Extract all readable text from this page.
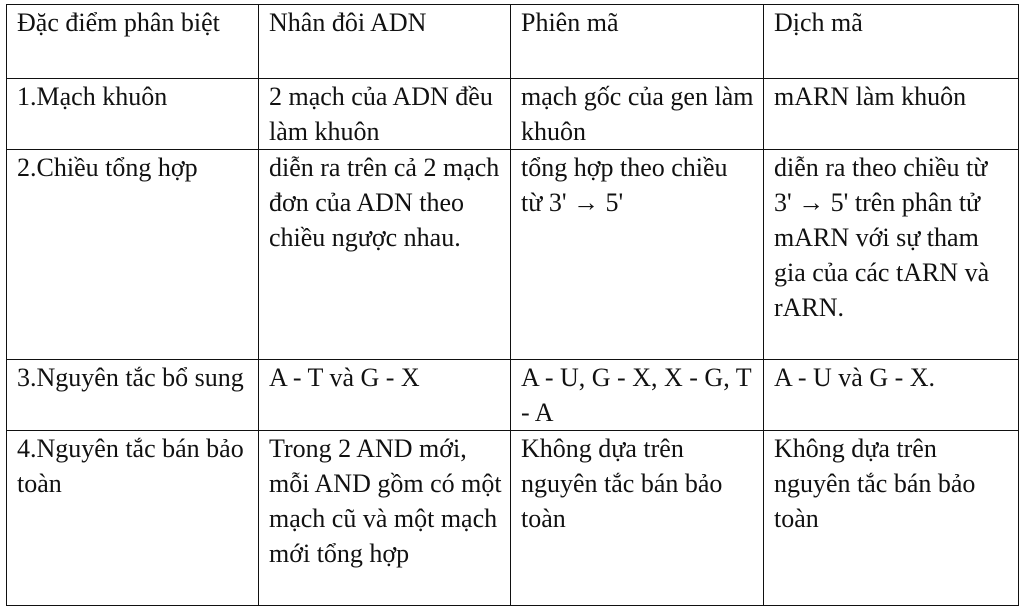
Đặc điểm phân biệt	Nhân đôi ADN	Phiên mã	Dịch mã

1.Mạch khuôn	2 mạch của ADN đều làm khuôn	mạch gốc của gen làm khuôn	mARN làm khuôn

2.Chiều tổng hợp	diễn ra trên cả 2 mạch đơn của ADN theo chiều ngược nhau.	tổng hợp theo chiều từ 3' → 5'	diễn ra theo chiều từ 3' → 5' trên phân tử mARN với sự tham gia của các tARN và rARN.

3.Nguyên tắc bổ sung	A - T và G - X	A - U, G - X, X - G, T - A	A - U và G - X.

4.Nguyên tắc bán bảo toàn	Trong 2 AND mới, mỗi AND gồm có một mạch cũ và một mạch mới tổng hợp	Không dựa trên nguyên tắc bán bảo toàn	Không dựa trên nguyên tắc bán bảo toàn
